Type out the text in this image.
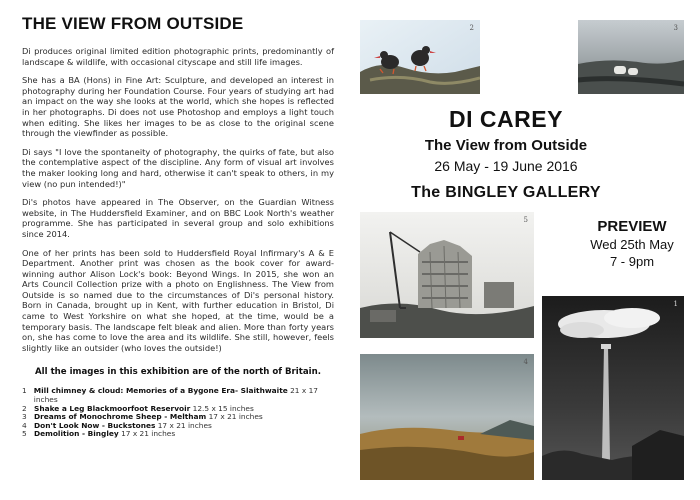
THE VIEW FROM OUTSIDE

Di produces original limited edition photographic prints, predominantly of landscape & wildlife, with occasional cityscape and still life images.

She has a BA (Hons) in Fine Art: Sculpture, and developed an interest in photography during her Foundation Course. Four years of studying art had an impact on the way she looks at the world, which she hopes is reflected in her photographs. Di does not use Photoshop and employs a light touch when editing. She likes her images to be as close to the original scene through the viewfinder as possible.

Di says "I love the spontaneity of photography, the quirks of fate, but also the contemplative aspect of the discipline. Any form of visual art involves the maker looking long and hard, otherwise it can't speak to others, in my view (no pun intended!)"

Di's photos have appeared in The Observer, on the Guardian Witness website, in The Huddersfield Examiner, and on BBC Look North's weather programme. She has participated in several group and solo exhibitions since 2014.

One of her prints has been sold to Huddersfield Royal Infirmary's A & E Department. Another print was chosen as the book cover for award-winning author Alison Lock's book: Beyond Wings. In 2015, she won an Arts Council Collection prize with a photo on Englishness. The View from Outside is so named due to the circumstances of Di's personal history. Born in Canada, brought up in Kent, with further education in Bristol, Di came to West Yorkshire on what she hoped, at the time, would be a temporary basis. The landscape felt bleak and alien. More than forty years on, she has come to love the area and its wildlife. She still, however, feels slightly like an outsider (who loves the outside!)

All the images in this exhibition are of the north of Britain.
1 Mill chimney & cloud: Memories of a Bygone Era- Slaithwaite 21 x 17 inches
2 Shake a Leg Blackmoorfoot Reservoir 12.5 x 15 inches
3 Dreams of Monochrome Sheep - Meltham 17 x 21 inches
4 Don't Look Now - Buckstones 17 x 21 inches
5 Demolition - Bingley 17 x 21 inches
2	3
DI CAREY
The View from Outside
26 May - 19 June 2016
The BINGLEY GALLERY
5	PREVIEW
Wed 25th May
7 - 9pm
4
1
